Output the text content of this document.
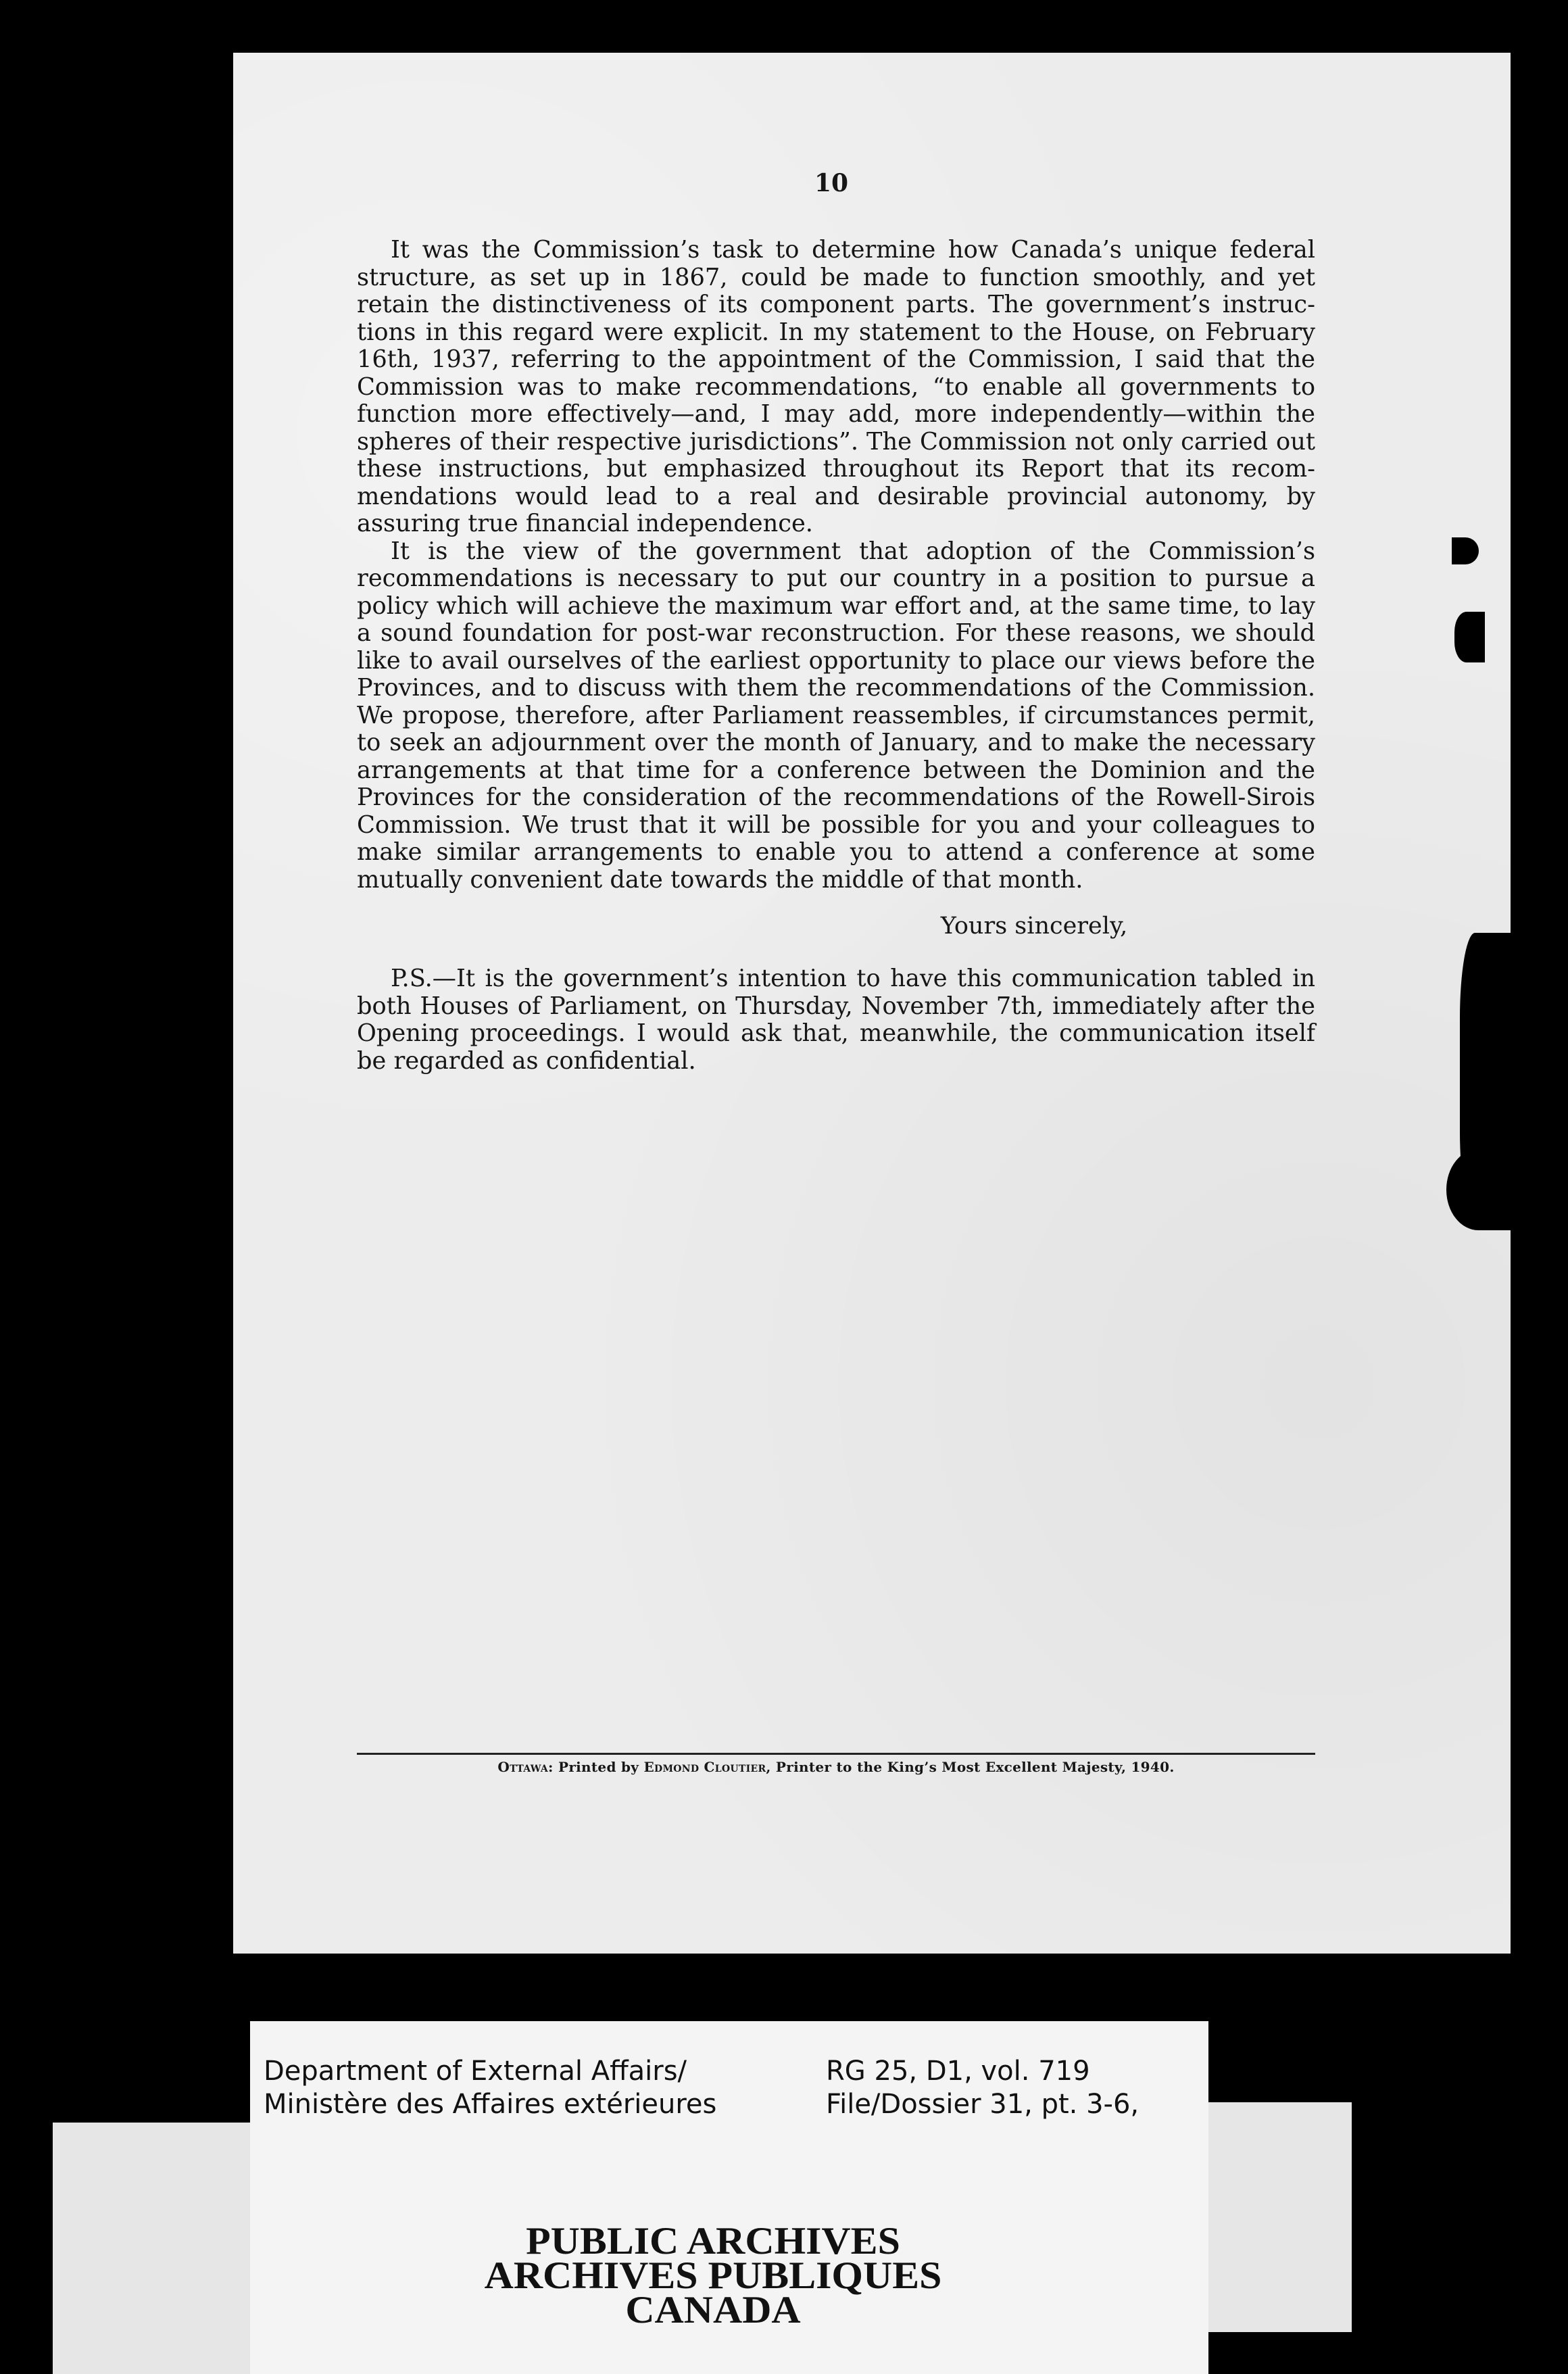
10

It was the Commission’s task to determine how Canada’s unique federal structure, as set up in 1867, could be made to function smoothly, and yet retain the distinctiveness of its component parts. The government’s instructions in this regard were explicit. In my statement to the House, on February 16th, 1937, referring to the appointment of the Commission, I said that the Commission was to make recommendations, “to enable all governments to function more effectively—and, I may add, more independently—within the spheres of their respective jurisdictions”. The Commission not only carried out these instructions, but emphasized throughout its Report that its recommendations would lead to a real and desirable provincial autonomy, by assuring true financial independence.

It is the view of the government that adoption of the Commission’s recommendations is necessary to put our country in a position to pursue a policy which will achieve the maximum war effort and, at the same time, to lay a sound foundation for post-war reconstruction. For these reasons, we should like to avail ourselves of the earliest opportunity to place our views before the Provinces, and to discuss with them the recommendations of the Commission. We propose, therefore, after Parliament reassembles, if circumstances permit, to seek an adjournment over the month of January, and to make the necessary arrangements at that time for a conference between the Dominion and the Provinces for the consideration of the recommendations of the Rowell-Sirois Commission. We trust that it will be possible for you and your colleagues to make similar arrangements to enable you to attend a conference at some mutually convenient date towards the middle of that month.

Yours sincerely,

P.S.—It is the government’s intention to have this communication tabled in both Houses of Parliament, on Thursday, November 7th, immediately after the Opening proceedings. I would ask that, meanwhile, the communication itself be regarded as confidential.

Ottawa: Printed by Edmond Cloutier, Printer to the King’s Most Excellent Majesty, 1940.
Department of External Affairs/
Ministère des Affaires extérieures
RG 25, D1, vol. 719
File/Dossier 31, pt. 3-6,
PUBLIC ARCHIVES
ARCHIVES PUBLIQUES
CANADA
